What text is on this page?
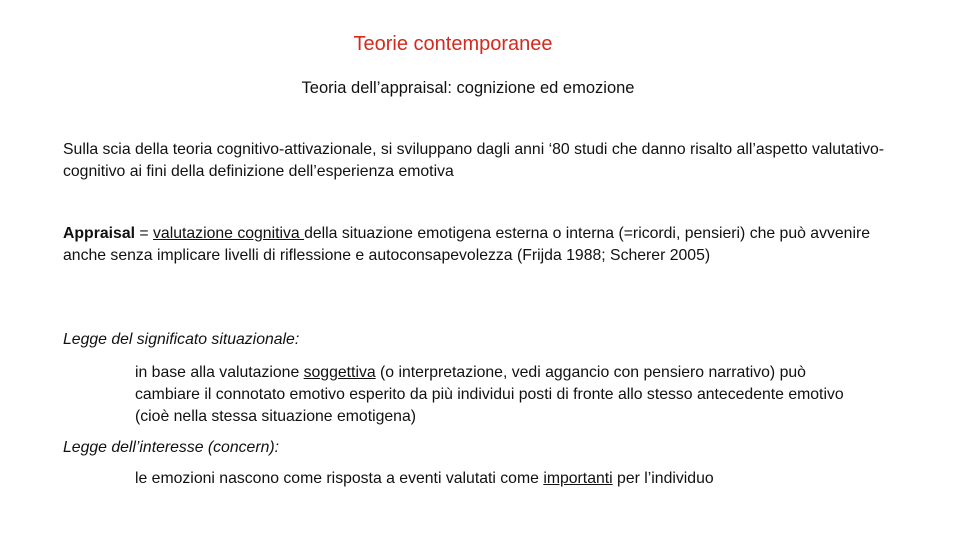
Teorie contemporanee
Teoria dell’appraisal: cognizione ed emozione
Sulla scia della teoria cognitivo-attivazionale, si sviluppano dagli anni ‘80 studi che danno risalto all’aspetto valutativo-cognitivo ai fini della definizione dell’esperienza emotiva
Appraisal = valutazione cognitiva della situazione emotigena esterna o interna (=ricordi, pensieri) che può avvenire anche senza implicare livelli di riflessione e autoconsapevolezza (Frijda 1988; Scherer 2005)
Legge del significato situazionale:
in base alla valutazione soggettiva (o interpretazione, vedi aggancio con pensiero narrativo) può cambiare il connotato emotivo esperito da più individui posti di fronte allo stesso antecedente emotivo (cioè nella stessa situazione emotigena)
Legge dell’interesse (concern):
le emozioni nascono come risposta a eventi valutati come importanti per l’individuo
